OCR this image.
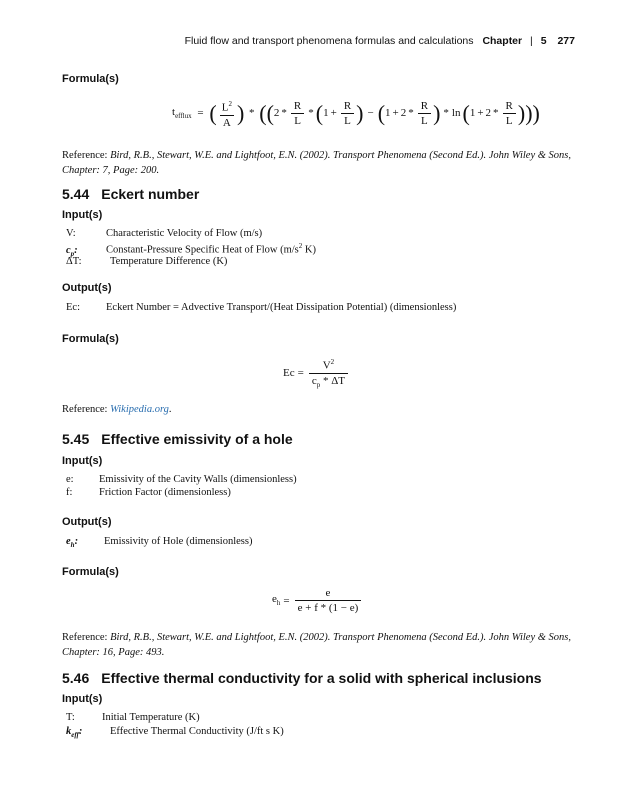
Fluid flow and transport phenomena formulas and calculations Chapter | 5 277
Formula(s)
$t_{efflux}$ = ( $\frac{L^2}{A}$ ) * (($2 * \frac{R}{L} *(1 + \frac{R}{L}$ ) − ($1 + 2 * \frac{R}{L}$ ) * $\ln(1 + 2 * \frac{R}{L}$ )))
Reference: Bird, R.B., Stewart, W.E. and Lightfoot, E.N. (2002). Transport Phenomena (Second Ed.). John Wiley & Sons, Chapter: 7, Page: 200.
5.44 Eckert number
Input(s)
V:	Characteristic Velocity of Flow (m/s)
$c_p$:	Constant-Pressure Specific Heat of Flow ($m/s^2$ K)
ΔT:	Temperature Difference (K)
Output(s)
Ec: Eckert Number = Advective Transport/(Heat Dissipation Potential) (dimensionless)
Formula(s)
$Ec = \frac{V^2}{c_p * \Delta T}$
Reference: Wikipedia.org.
5.45 Effective emissivity of a hole
Input(s)
e: Emissivity of the Cavity Walls (dimensionless)
f:	Friction Factor (dimensionless)
Output(s)
$e_h$: Emissivity of Hole (dimensionless)
Formula(s)
$e_h = \frac{e}{e + f * (1 - e)}$
Reference: Bird, R.B., Stewart, W.E. and Lightfoot, E.N. (2002). Transport Phenomena (Second Ed.). John Wiley & Sons, Chapter: 16, Page: 493.
5.46 Effective thermal conductivity for a solid with spherical inclusions
Input(s)
T:	Initial Temperature (K)
$k_{eff}$:	Effective Thermal Conductivity (J/ft s K)
